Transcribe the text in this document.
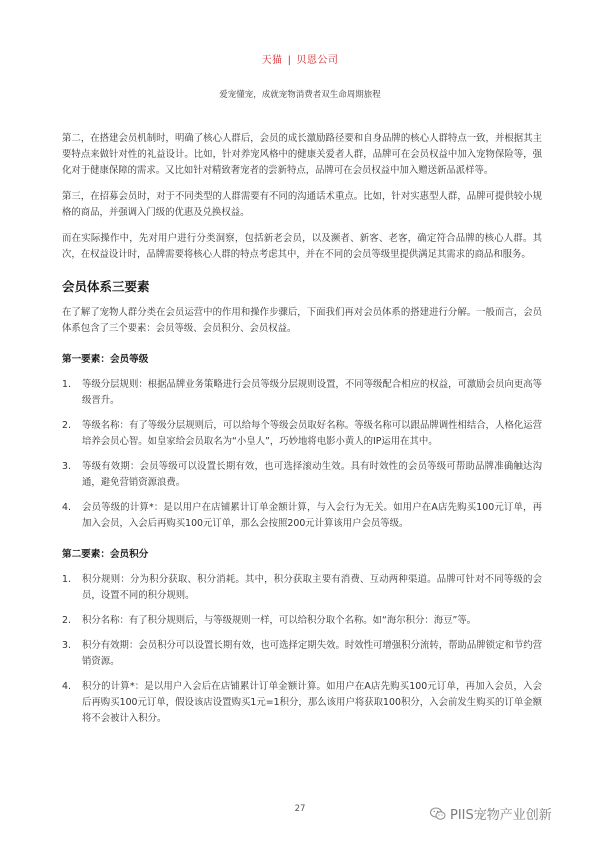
天猫 | 贝恩公司
爱宠懂宠，成就宠物消费者双生命周期旅程

第二，在搭建会员机制时，明确了核心人群后，会员的成长激励路径要和自身品牌的核心人群特点一致，并根据其主要特点来做针对性的礼益设计。比如，针对养宠风格中的健康关爱者人群，品牌可在会员权益中加入宠物保险等，强化对于健康保障的需求。又比如针对精致奢宠者的尝新特点，品牌可在会员权益中加入赠送新品派样等。

第三，在招募会员时，对于不同类型的人群需要有不同的沟通话术重点。比如，针对实惠型人群，品牌可提供较小规格的商品，并强调入门级的优惠及兑换权益。

而在实际操作中，先对用户进行分类洞察，包括新老会员，以及濒者、新客、老客，确定符合品牌的核心人群。其次，在权益设计时，品牌需要将核心人群的特点考虑其中，并在不同的会员等级里提供满足其需求的商品和服务。

会员体系三要素

在了解了宠物人群分类在会员运营中的作用和操作步骤后，下面我们再对会员体系的搭建进行分解。一般而言，会员体系包含了三个要素：会员等级、会员积分、会员权益。

第一要素：会员等级
1. 等级分层规则：根据品牌业务策略进行会员等级分层规则设置，不同等级配合相应的权益，可激励会员向更高等级晋升。
2. 等级名称：有了等级分层规则后，可以给每个等级会员取好名称。等级名称可以跟品牌调性相结合，人格化运营培养会员心智。如皇家给会员取名为“小皇人”，巧妙地将电影小黄人的IP运用在其中。
3. 等级有效期：会员等级可以设置长期有效，也可选择滚动生效。具有时效性的会员等级可帮助品牌准确触达沟通，避免营销资源浪费。
4. 会员等级的计算*：是以用户在店铺累计订单金额计算，与入会行为无关。如用户在A店先购买100元订单，再加入会员，入会后再购买100元订单，那么会按照200元计算该用户会员等级。
第二要素：会员积分
1. 积分规则：分为积分获取、积分消耗。其中，积分获取主要有消费、互动两种渠道。品牌可针对不同等级的会员，设置不同的积分规则。
2. 积分名称：有了积分规则后，与等级规则一样，可以给积分取个名称。如“海尔积分：海豆”等。
3. 积分有效期：会员积分可以设置长期有效，也可选择定期失效。时效性可增强积分流转，帮助品牌锁定和节约营销资源。
4. 积分的计算*：是以用户入会后在店铺累计订单金额计算。如用户在A店先购买100元订单，再加入会员，入会后再购买100元订单，假设该店设置购买1元=1积分，那么该用户将获取100积分，入会前发生购买的订单金额将不会被计入积分。
27	PIIS宠物产业创新
